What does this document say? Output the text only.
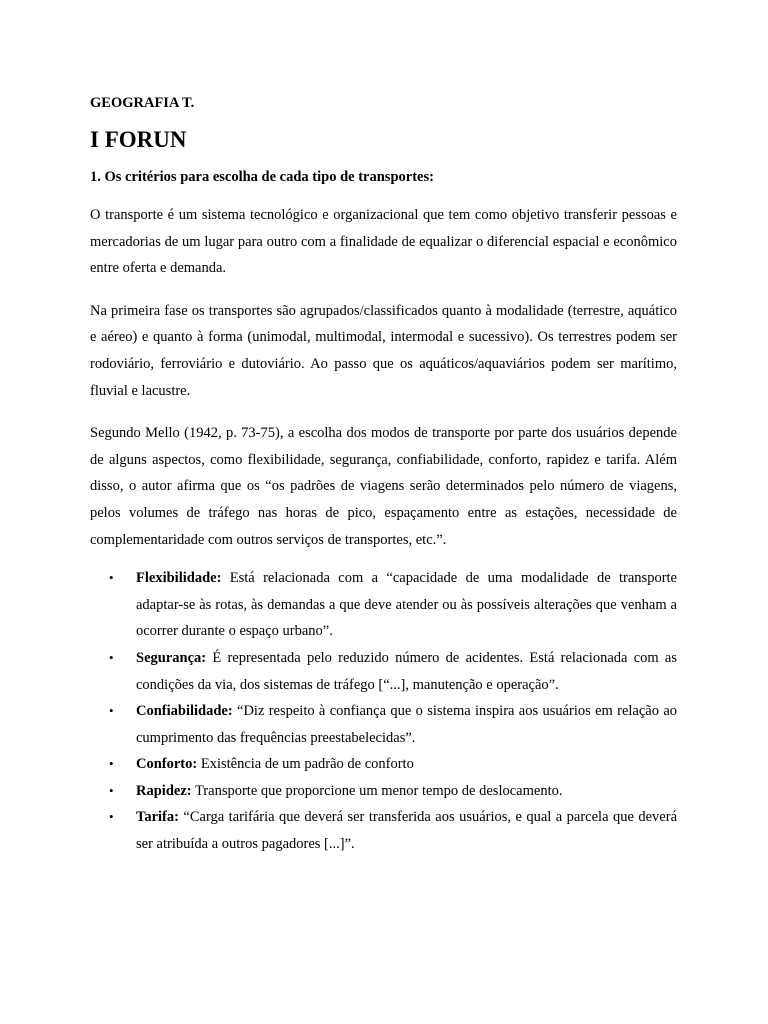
GEOGRAFIA T.

I FORUN

1. Os critérios para escolha de cada tipo de transportes:

O transporte é um sistema tecnológico e organizacional que tem como objetivo transferir pessoas e mercadorias de um lugar para outro com a finalidade de equalizar o diferencial espacial e econômico entre oferta e demanda.

Na primeira fase os transportes são agrupados/classificados quanto à modalidade (terrestre, aquático e aéreo) e quanto à forma (unimodal, multimodal, intermodal e sucessivo). Os terrestres podem ser rodoviário, ferroviário e dutoviário. Ao passo que os aquáticos/aquaviários podem ser marítimo, fluvial e lacustre.

Segundo Mello (1942, p. 73-75), a escolha dos modos de transporte por parte dos usuários depende de alguns aspectos, como flexibilidade, segurança, confiabilidade, conforto, rapidez e tarifa. Além disso, o autor afirma que os “os padrões de viagens serão determinados pelo número de viagens, pelos volumes de tráfego nas horas de pico, espaçamento entre as estações, necessidade de complementaridade com outros serviços de transportes, etc.”.

• Flexibilidade: Está relacionada com a “capacidade de uma modalidade de transporte adaptar-se às rotas, às demandas a que deve atender ou às possíveis alterações que venham a ocorrer durante o espaço urbano”.
• Segurança: É representada pelo reduzido número de acidentes. Está relacionada com as condições da via, dos sistemas de tráfego [“...], manutenção e operação”.
• Confiabilidade: “Diz respeito à confiança que o sistema inspira aos usuários em relação ao cumprimento das frequências preestabelecidas”.
• Conforto: Existência de um padrão de conforto
• Rapidez: Transporte que proporcione um menor tempo de deslocamento.
• Tarifa: “Carga tarifária que deverá ser transferida aos usuários, e qual a parcela que deverá ser atribuída a outros pagadores [...]”.
